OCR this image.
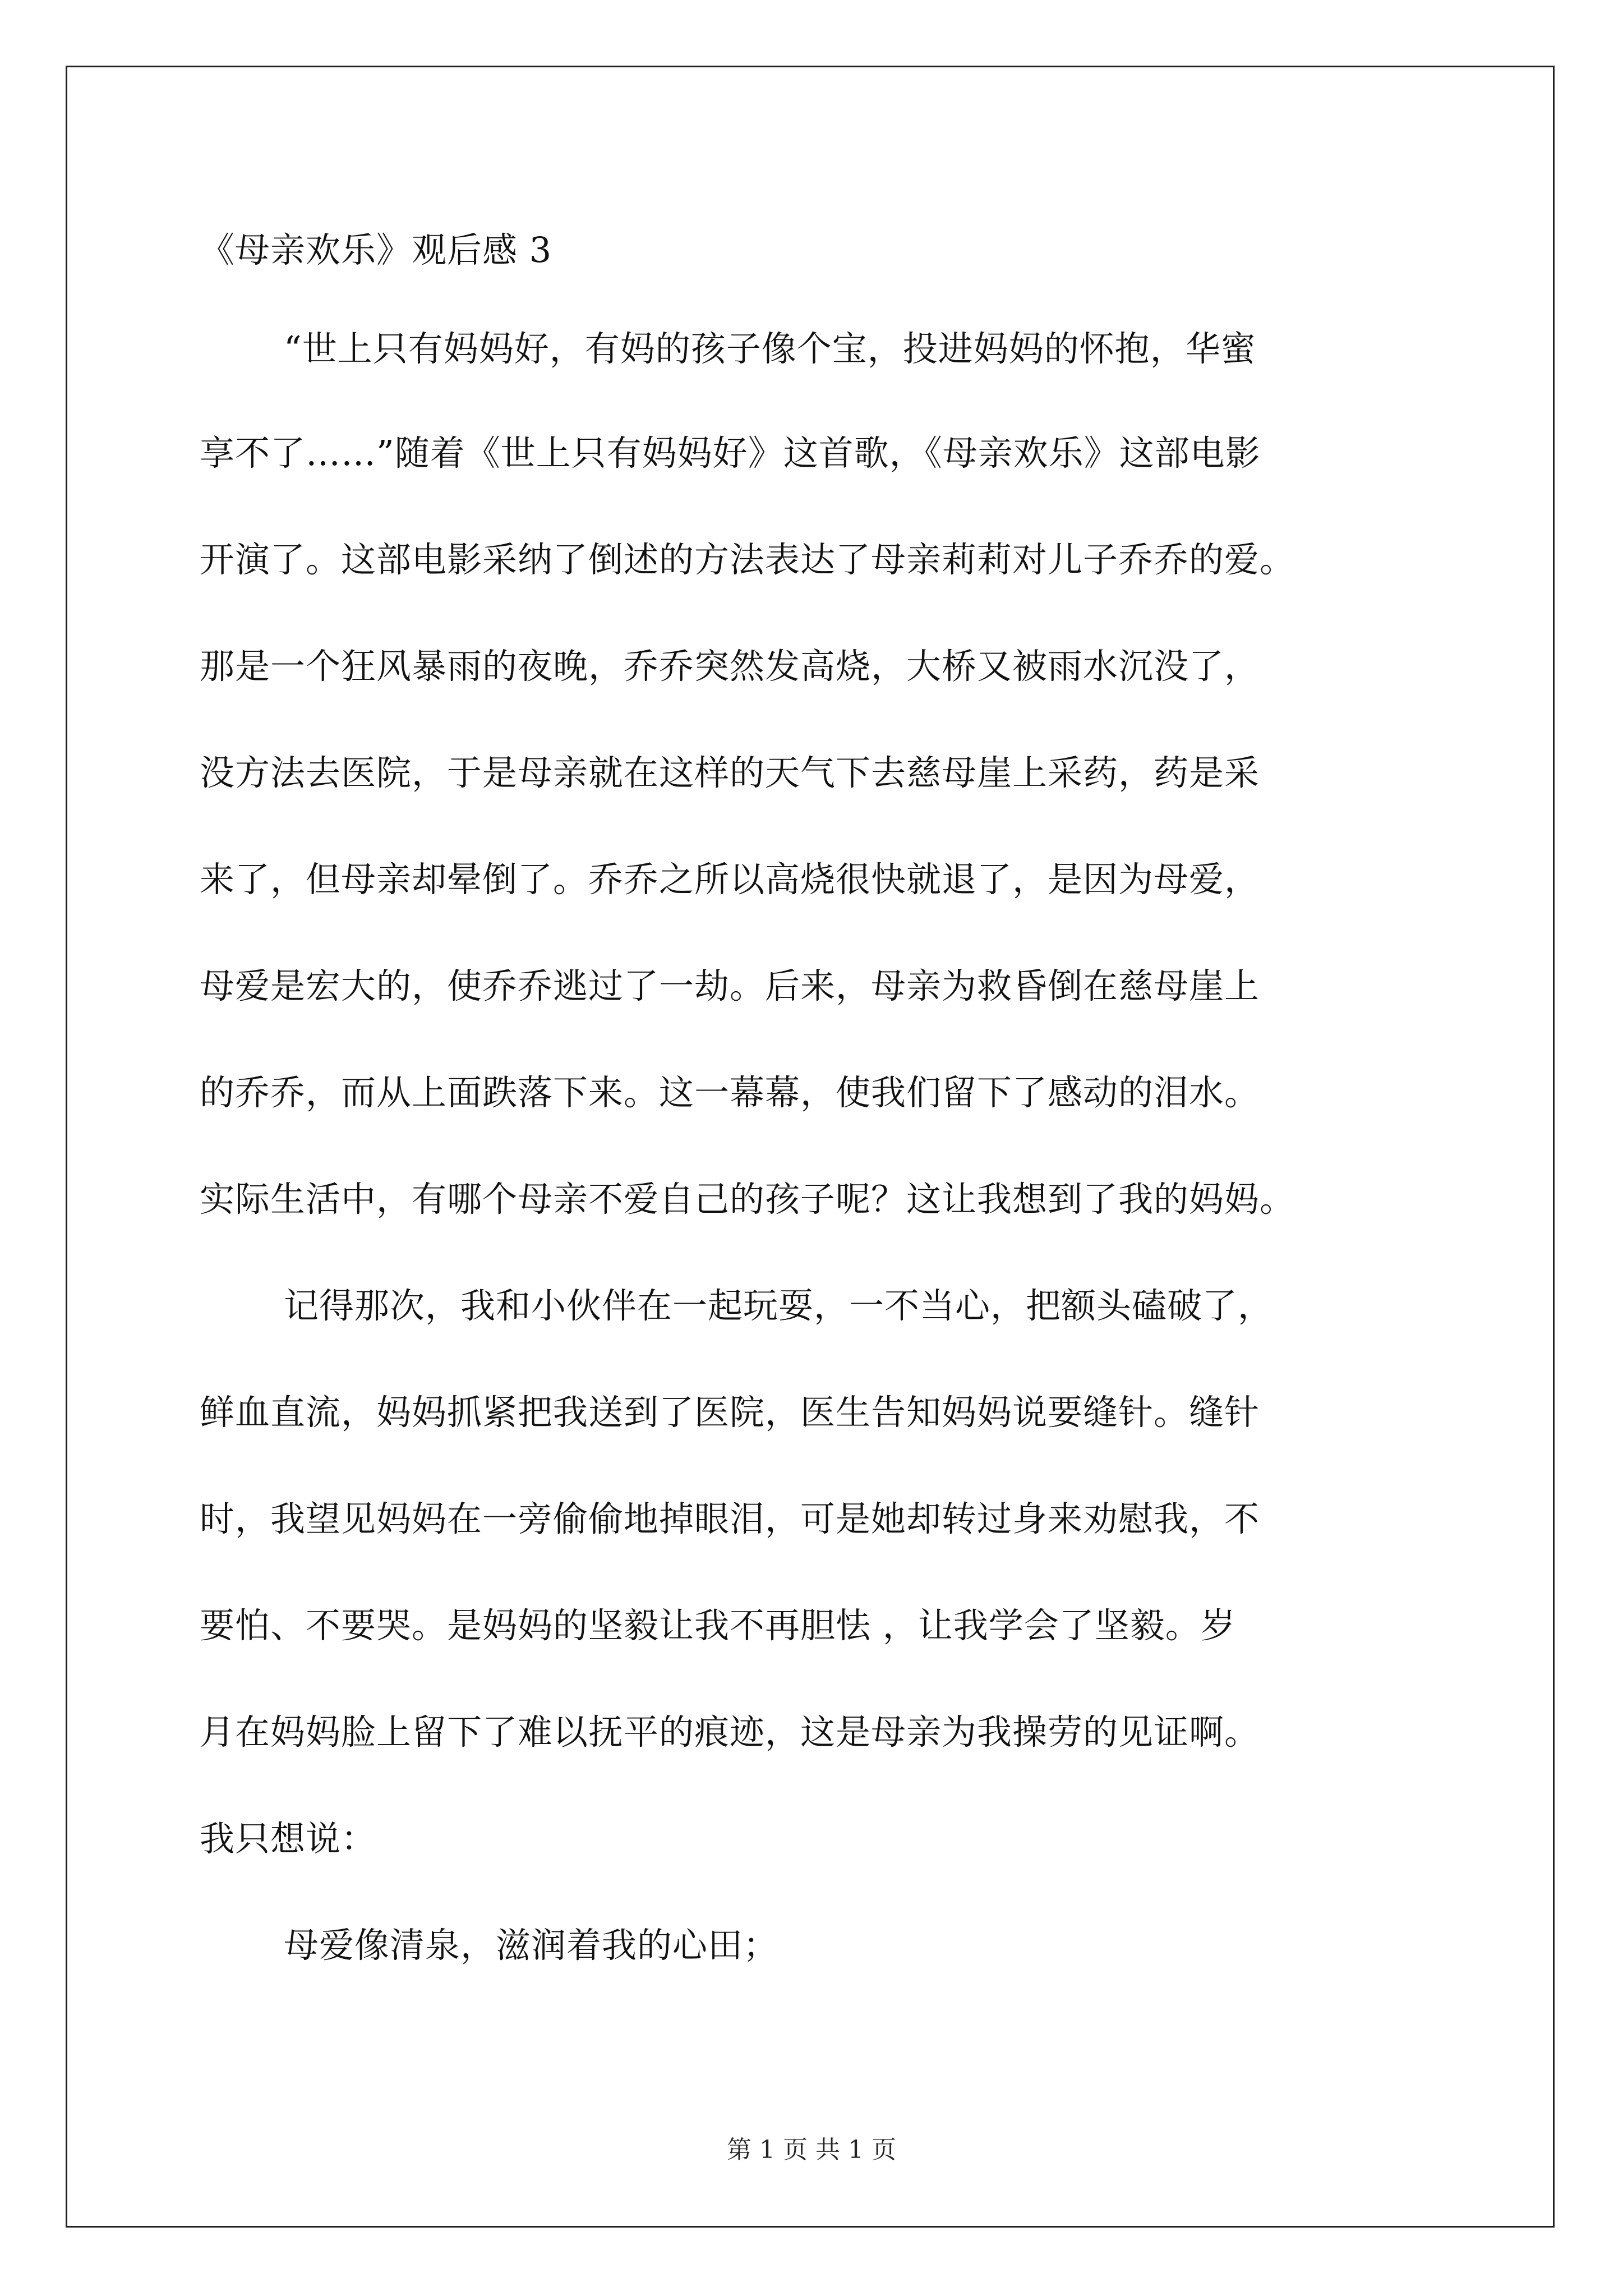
《母亲欢乐》观后感 3
“世上只有妈妈好，有妈的孩子像个宝，投进妈妈的怀抱，华蜜
享不了……”随着《世上只有妈妈好》这首歌，《母亲欢乐》这部电影
开演了。这部电影采纳了倒述的方法表达了母亲莉莉对儿子乔乔的爱。
那是一个狂风暴雨的夜晚，乔乔突然发高烧，大桥又被雨水沉没了，
没方法去医院，于是母亲就在这样的天气下去慈母崖上采药，药是采
来了，但母亲却晕倒了。乔乔之所以高烧很快就退了，是因为母爱，
母爱是宏大的，使乔乔逃过了一劫。后来，母亲为救昏倒在慈母崖上
的乔乔，而从上面跌落下来。这一幕幕，使我们留下了感动的泪水。
实际生活中，有哪个母亲不爱自己的孩子呢？这让我想到了我的妈妈。
记得那次，我和小伙伴在一起玩耍，一不当心，把额头磕破了，
鲜血直流，妈妈抓紧把我送到了医院，医生告知妈妈说要缝针。缝针
时，我望见妈妈在一旁偷偷地掉眼泪，可是她却转过身来劝慰我，不
要怕、不要哭。是妈妈的坚毅让我不再胆怯 ，让我学会了坚毅。岁
月在妈妈脸上留下了难以抚平的痕迹，这是母亲为我操劳的见证啊。
我只想说：
母爱像清泉，滋润着我的心田；
第 1 页 共 1 页
